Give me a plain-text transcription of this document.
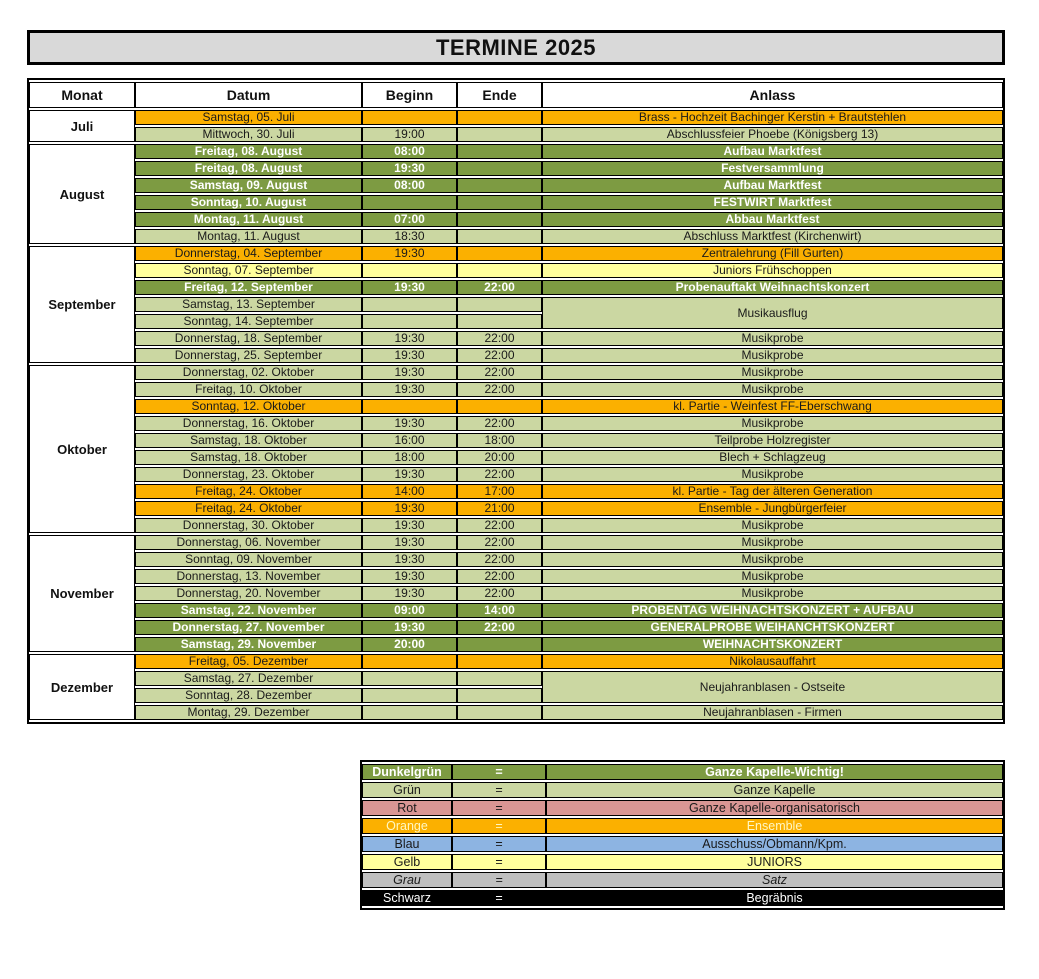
TERMINE 2025
Monat	Datum	Beginn	Ende	Anlass
Juli	Samstag, 05. Juli			Brass - Hochzeit Bachinger Kerstin + Brautstehlen
	Mittwoch, 30. Juli	19:00		Abschlussfeier Phoebe (Königsberg 13)
August	Freitag, 08. August	08:00		Aufbau Marktfest
	Freitag, 08. August	19:30		Festversammlung
	Samstag, 09. August	08:00		Aufbau Marktfest
	Sonntag, 10. August			FESTWIRT Marktfest
	Montag, 11. August	07:00		Abbau Marktfest
	Montag, 11. August	18:30		Abschluss Marktfest (Kirchenwirt)
September	Donnerstag, 04. September	19:30		Zentralehrung (Fill Gurten)
	Sonntag, 07. September			Juniors Frühschoppen
	Freitag, 12. September	19:30	22:00	Probenauftakt Weihnachtskonzert
	Samstag, 13. September			Musikausflug
	Sonntag, 14. September			
	Donnerstag, 18. September	19:30	22:00	Musikprobe
	Donnerstag, 25. September	19:30	22:00	Musikprobe
Oktober	Donnerstag, 02. Oktober	19:30	22:00	Musikprobe
	Freitag, 10. Oktober	19:30	22:00	Musikprobe
	Sonntag, 12. Oktober			kl. Partie - Weinfest FF-Eberschwang
	Donnerstag, 16. Oktober	19:30	22:00	Musikprobe
	Samstag, 18. Oktober	16:00	18:00	Teilprobe Holzregister
	Samstag, 18. Oktober	18:00	20:00	Blech + Schlagzeug
	Donnerstag, 23. Oktober	19:30	22:00	Musikprobe
	Freitag, 24. Oktober	14:00	17:00	kl. Partie - Tag der älteren Generation
	Freitag, 24. Oktober	19:30	21:00	Ensemble - Jungbürgerfeier
	Donnerstag, 30. Oktober	19:30	22:00	Musikprobe
November	Donnerstag, 06. November	19:30	22:00	Musikprobe
	Sonntag, 09. November	19:30	22:00	Musikprobe
	Donnerstag, 13. November	19:30	22:00	Musikprobe
	Donnerstag, 20. November	19:30	22:00	Musikprobe
	Samstag, 22. November	09:00	14:00	PROBENTAG WEIHNACHTSKONZERT + AUFBAU
	Donnerstag, 27. November	19:30	22:00	GENERALPROBE WEIHANCHTSKONZERT
	Samstag, 29. November	20:00		WEIHNACHTSKONZERT
Dezember	Freitag, 05. Dezember			Nikolausauffahrt
	Samstag, 27. Dezember			Neujahranblasen - Ostseite
	Sonntag, 28. Dezember			
	Montag, 29. Dezember			Neujahranblasen - Firmen
Dunkelgrün	=	Ganze Kapelle-Wichtig!
Grün	=	Ganze Kapelle
Rot	=	Ganze Kapelle-organisatorisch
Orange	=	Ensemble
Blau	=	Ausschuss/Obmann/Kpm.
Gelb	=	JUNIORS
Grau	=	Satz
Schwarz	=	Begräbnis
